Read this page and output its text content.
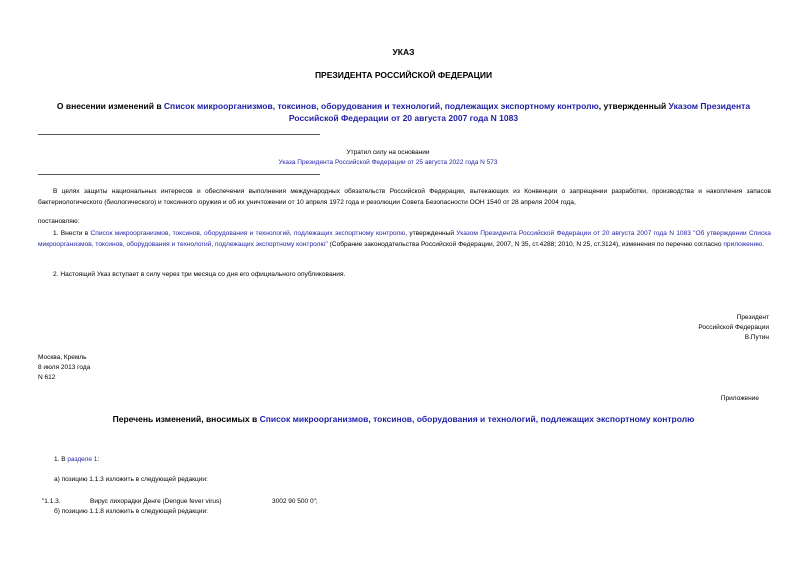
УКАЗ
ПРЕЗИДЕНТА РОССИЙСКОЙ ФЕДЕРАЦИИ
О внесении изменений в Список микроорганизмов, токсинов, оборудования и технологий, подлежащих экспортному контролю, утвержденный Указом Президента
Российской Федерации от 20 августа 2007 года N 1083
Утратил силу на основании
Указа Президента Российской Федерации от 25 августа 2022 года N 573
В целях защиты национальных интересов и обеспечения выполнения международных обязательств Российской Федерации, вытекающих из Конвенции о запрещении разработки, производства и накопления запасов бактериологического (биологического) и токсинного оружия и об их уничтожении от 10 апреля 1972 года и резолюции Совета Безопасности ООН 1540 от 28 апреля 2004 года,
постановляю:
1. Внести в Список микроорганизмов, токсинов, оборудования и технологий, подлежащих экспортному контролю, утвержденный Указом Президента Российской Федерации от 20 августа 2007 года N 1083 "Об утверждении Списка микроорганизмов, токсинов, оборудования и технологий, подлежащих экспортному контролю" (Собрание законодательства Российской Федерации, 2007, N 35, ст.4288; 2010, N 25, ст.3124), изменения по перечню согласно приложению.
2. Настоящий Указ вступает в силу через три месяца со дня его официального опубликования.
Президент
Российской Федерации
В.Путин
Москва, Кремль
8 июля 2013 года
N 612
Приложение
Перечень изменений, вносимых в Список микроорганизмов, токсинов, оборудования и технологий, подлежащих экспортному контролю
1. В разделе 1:
а) позицию 1.1.3 изложить в следующей редакции:
"1.1.3.	Вирус лихорадки Денге (Dengue fever virus)	3002 90 500 0";
б) позицию 1.1.8 изложить в следующей редакции:
